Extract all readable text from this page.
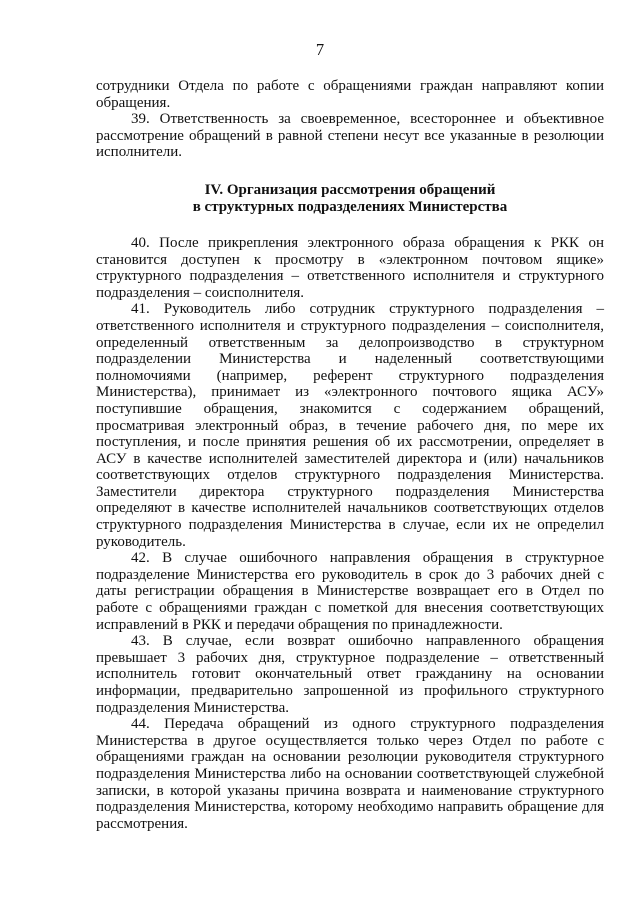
7

сотрудники Отдела по работе с обращениями граждан направляют копии обращения.

39. Ответственность за своевременное, всестороннее и объективное рассмотрение обращений в равной степени несут все указанные в резолюции исполнители.

IV. Организация рассмотрения обращений
в структурных подразделениях Министерства

40. После прикрепления электронного образа обращения к РКК он становится доступен к просмотру в «электронном почтовом ящике» структурного подразделения – ответственного исполнителя и структурного подразделения – соисполнителя.

41. Руководитель либо сотрудник структурного подразделения – ответственного исполнителя и структурного подразделения – соисполнителя, определенный ответственным за делопроизводство в структурном подразделении Министерства и наделенный соответствующими полномочиями (например, референт структурного подразделения Министерства), принимает из «электронного почтового ящика АСУ» поступившие обращения, знакомится с содержанием обращений, просматривая электронный образ, в течение рабочего дня, по мере их поступления, и после принятия решения об их рассмотрении, определяет в АСУ в качестве исполнителей заместителей директора и (или) начальников соответствующих отделов структурного подразделения Министерства. Заместители директора структурного подразделения Министерства определяют в качестве исполнителей начальников соответствующих отделов структурного подразделения Министерства в случае, если их не определил руководитель.

42. В случае ошибочного направления обращения в структурное подразделение Министерства его руководитель в срок до 3 рабочих дней с даты регистрации обращения в Министерстве возвращает его в Отдел по работе с обращениями граждан с пометкой для внесения соответствующих исправлений в РКК и передачи обращения по принадлежности.

43. В случае, если возврат ошибочно направленного обращения превышает 3 рабочих дня, структурное подразделение – ответственный исполнитель готовит окончательный ответ гражданину на основании информации, предварительно запрошенной из профильного структурного подразделения Министерства.

44. Передача обращений из одного структурного подразделения Министерства в другое осуществляется только через Отдел по работе с обращениями граждан на основании резолюции руководителя структурного подразделения Министерства либо на основании соответствующей служебной записки, в которой указаны причина возврата и наименование структурного подразделения Министерства, которому необходимо направить обращение для рассмотрения.
